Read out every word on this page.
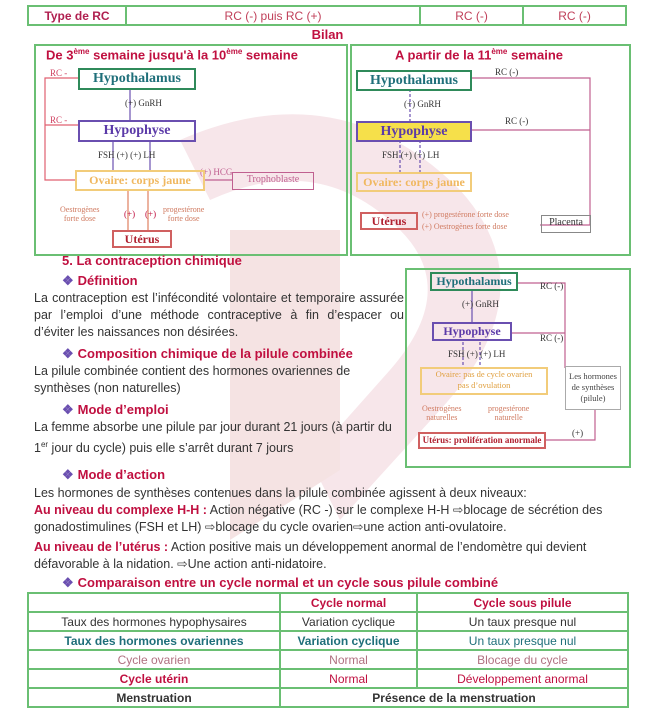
Type de RC	RC (-) puis RC (+)	RC (-)	RC (-)
Bilan
De 3ème semaine jusqu'à la 10ème semaine	A partir de la 11ème semaine
RC -	Hypothalamus
(+) GnRH
RC -
Hypophyse
FSH (+) (+) LH
(+) HCG
Ovaire: corps jaune	Trophoblaste
Oestrogènes
forte dose	(+) (+) progestérone
forte dose
Utérus
Hypothalamus
RC (-)
(+) GnRH
RC (-)
Hypophyse
FSH (+) (+) LH
Ovaire: corps jaune
Utérus	(+) progestérone forte dose
(+) Oestrogènes forte dose	Placenta
5. La contraception chimique
❖ Définition
La contraception est l’infécondité volontaire et temporaire assurée par l’emploi d’une méthode contraceptive à fin d’espacer ou d’éviter les naissances non désirées.
❖ Composition chimique de la pilule combinée
La pilule combinée contient des hormones ovariennes de synthèses (non naturelles)
❖ Mode d’emploi
La femme absorbe une pilule par jour durant 21 jours (à partir du 1er jour du cycle) puis elle s’arrêt durant 7 jours
Hypothalamus	RC (-)
(+) GnRH
RC (-)
Hypophyse
FSH (+) (+) LH
Ovaire: pas de cycle ovarien
pas d’ovulation
Oestrogènes
naturelles
progestérone
naturelle
Les hormones
de synthèses
(pilule)
(+)
Utérus: prolifération anormale
❖ Mode d’action
Les hormones de synthèses contenues dans la pilule combinée agissent à deux niveaux:
Au niveau du complexe H-H : Action négative (RC -) sur le complexe H-H ⇨blocage de sécrétion des gonadostimulines (FSH et LH) ⇨blocage du cycle ovarien⇨une action anti-ovulatoire.
Au niveau de l’utérus : Action positive mais un développement anormal de l’endomètre qui devient défavorable à la nidation. ⇨Une action anti-nidatoire.
❖ Comparaison entre un cycle normal et un cycle sous pilule combiné
	Cycle normal	Cycle sous pilule
Taux des hormones hypophysaires	Variation cyclique	Un taux presque nul
Taux des hormones ovariennes	Variation cyclique	Un taux presque nul
Cycle ovarien	Normal	Blocage du cycle
Cycle utérin	Normal	Développement anormal
Menstruation	Présence de la menstruation	
